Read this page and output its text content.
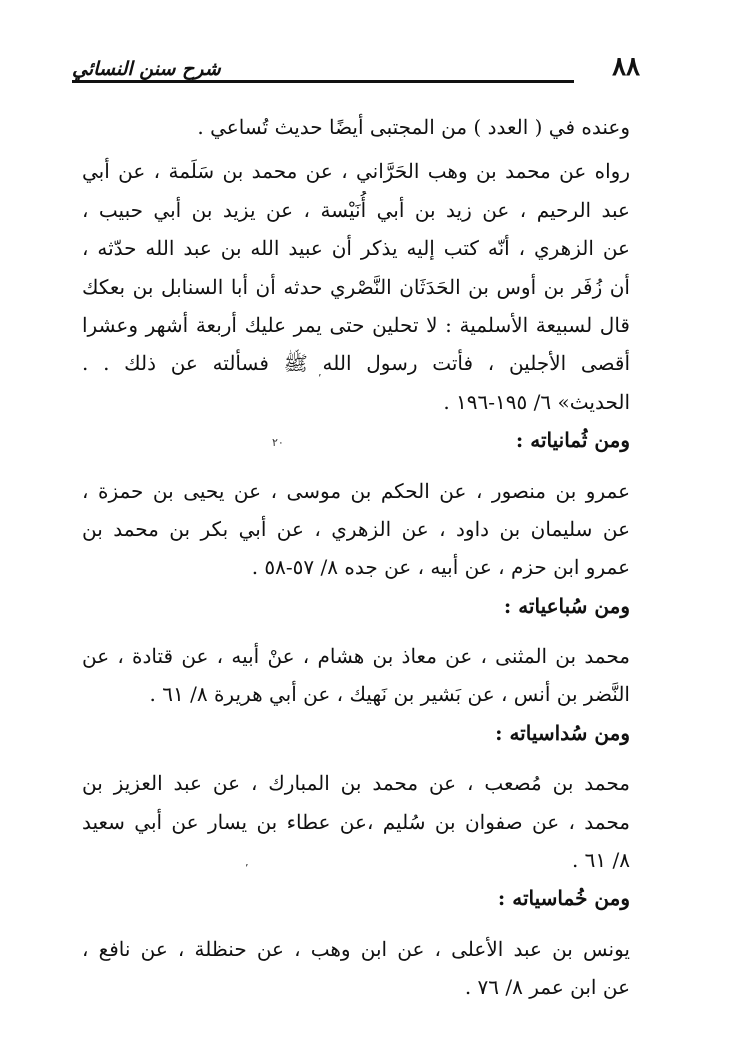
٨٨
شرح سنن النسائي
وعنده في ( العدد ) من المجتبى أيضًا حديث تُساعي .
رواه عن محمد بن وهب الحَرَّاني ، عن محمد بن سَلَمة ، عن أبي
عبد الرحيم ، عن زيد بن أبي أُنَيْسة ، عن يزيد بن أبي حبيب ،
عن الزهري ، أنّه كتب إليه يذكر أن عبيد الله بن عبد الله حدّثه ،
أن زُفَر بن أوس بن الحَدَثَان النَّصْري حدثه أن أبا السنابل بن بعكك
قال لسبيعة الأسلمية : لا تحلين حتى يمر عليك أربعة أشهر وعشرا
أقصى الأجلين ، فأتت رسول الله ﷺ فسألته عن ذلك . .
الحديث» ٦/ ١٩٥-١٩٦ .
ومن ثُمانياته :
عمرو بن منصور ، عن الحكم بن موسى ، عن يحيى بن حمزة ،
عن سليمان بن داود ، عن الزهري ، عن أبي بكر بن محمد بن
عمرو ابن حزم ، عن أبيه ، عن جده ٨/ ٥٧-٥٨ .
ومن سُباعياته :
محمد بن المثنى ، عن معاذ بن هشام ، عنْ أبيه ، عن قتادة ، عن
النَّضر بن أنس ، عن بَشير بن نَهيك ، عن أبي هريرة ٨/ ٦١ .
ومن سُداسياته :
محمد بن مُصعب ، عن محمد بن المبارك ، عن عبد العزيز بن
محمد ، عن صفوان بن سُليم ،عن عطاء بن يسار عن أبي سعيد
٨/ ٦١ .
ومن خُماسياته :
يونس بن عبد الأعلى ، عن ابن وهب ، عن حنظلة ، عن نافع ،
عن ابن عمر ٨/ ٧٦ .
٬
٢٠
٬
